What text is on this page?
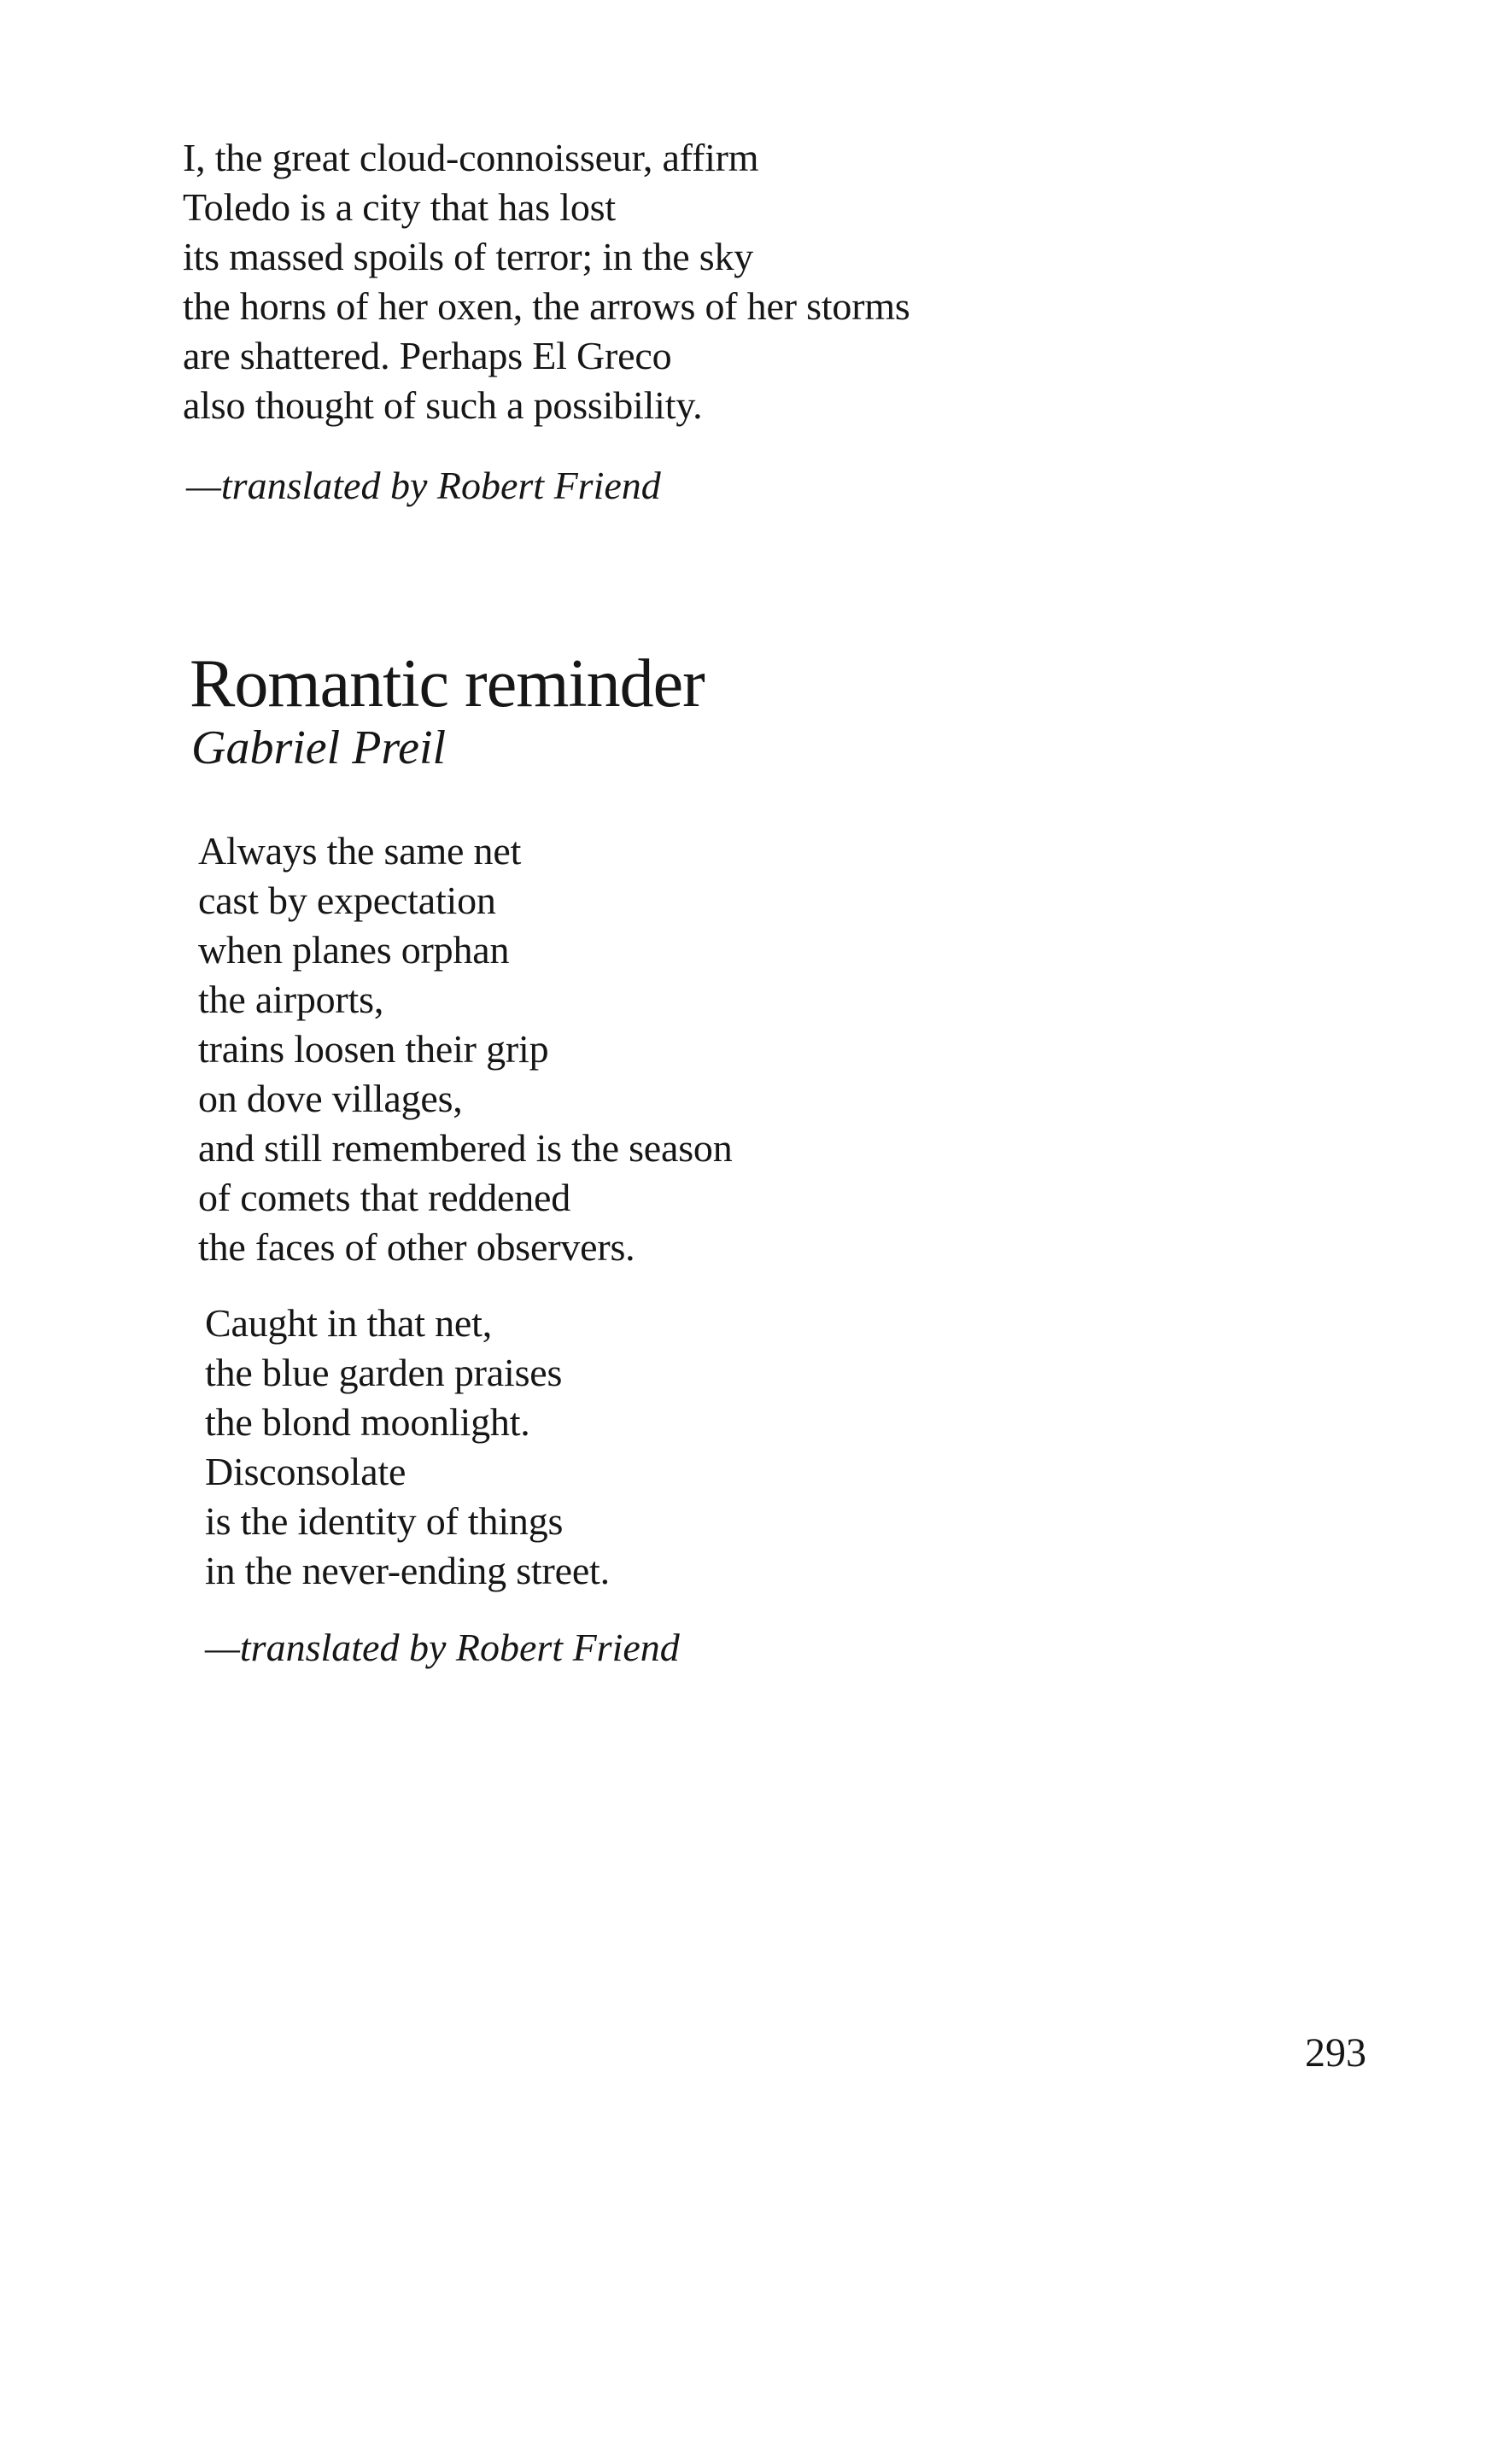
I, the great cloud-connoisseur, affirm
Toledo is a city that has lost
its massed spoils of terror; in the sky
the horns of her oxen, the arrows of her storms
are shattered. Perhaps El Greco
also thought of such a possibility.
—translated by Robert Friend
Romantic reminder
Gabriel Preil
Always the same net
cast by expectation
when planes orphan
the airports,
trains loosen their grip
on dove villages,
and still remembered is the season
of comets that reddened
the faces of other observers.
Caught in that net,
the blue garden praises
the blond moonlight.
Disconsolate
is the identity of things
in the never-ending street.
—translated by Robert Friend
293
